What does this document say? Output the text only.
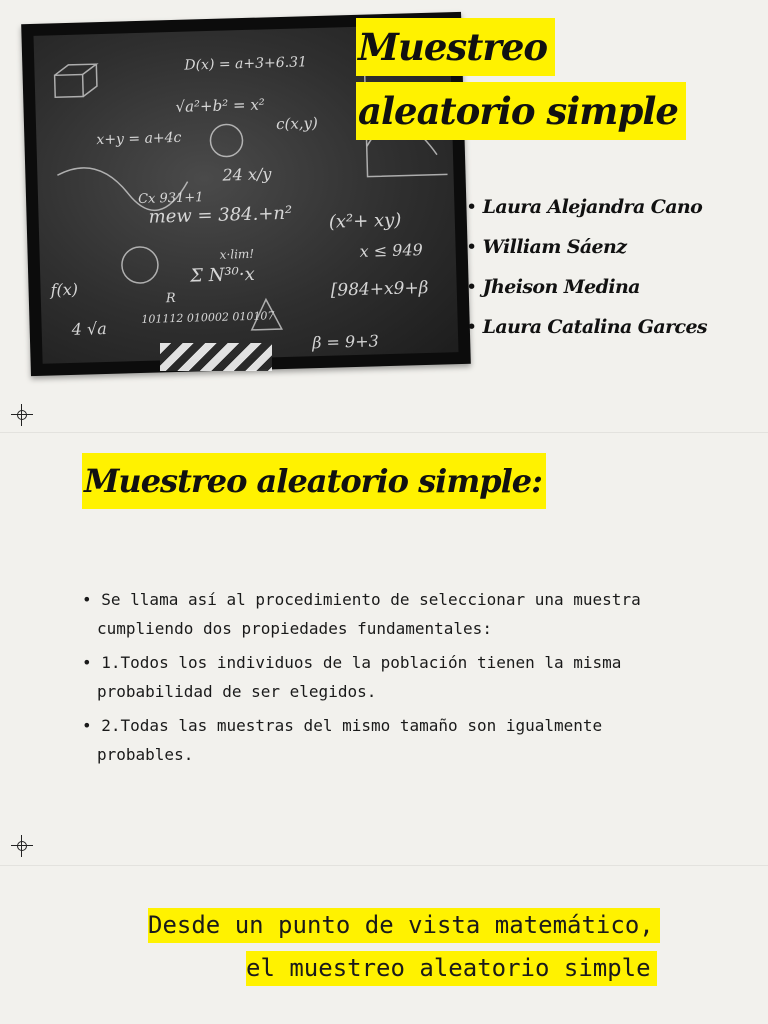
D(x) = a+3+6.31
√a²+b² = x²
c(x,y)
x+y = a+4c
mew = 384.+n² (x²+ xy)
x ≤ 949
Σ N³⁰·x
[984+x9+β
β = 9+3
101112 010002 010107
f(x)
x·lim!
4 √a
Cx 931+1
24 x/y
R
Muestreo
aleatorio simple
• Laura Alejandra Cano
• William Sáenz
• Jheison Medina
• Laura Catalina Garces
Muestreo aleatorio simple:
• Se llama así al procedimiento de seleccionar una muestra cumpliendo dos propiedades fundamentales:
• 1.Todos los individuos de la población tienen la misma probabilidad de ser elegidos.
• 2.Todas las muestras del mismo tamaño son igualmente probables.
Desde un punto de vista matemático,
el muestreo aleatorio simple
